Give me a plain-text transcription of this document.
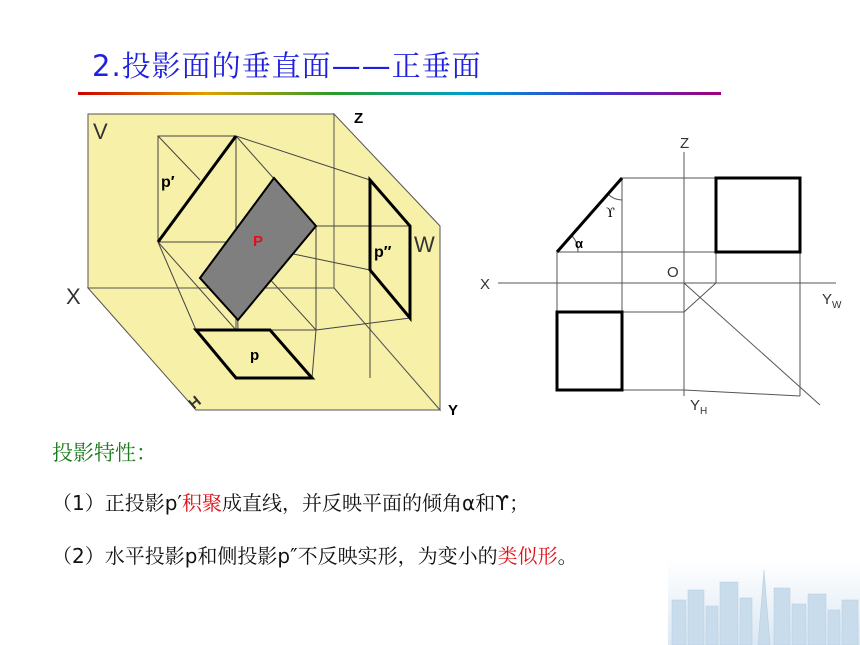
2.投影面的垂直面——正垂面
V
W
H
X
Y
Z
p′
P
p″
p
Z
X
O
$Y_W$
$Y_H$
α
ϒ
投影特性：
（1）正投影p′积聚成直线，并反映平面的倾角α和ϒ；
（2）水平投影p和侧投影p″不反映实形，为变小的类似形。
